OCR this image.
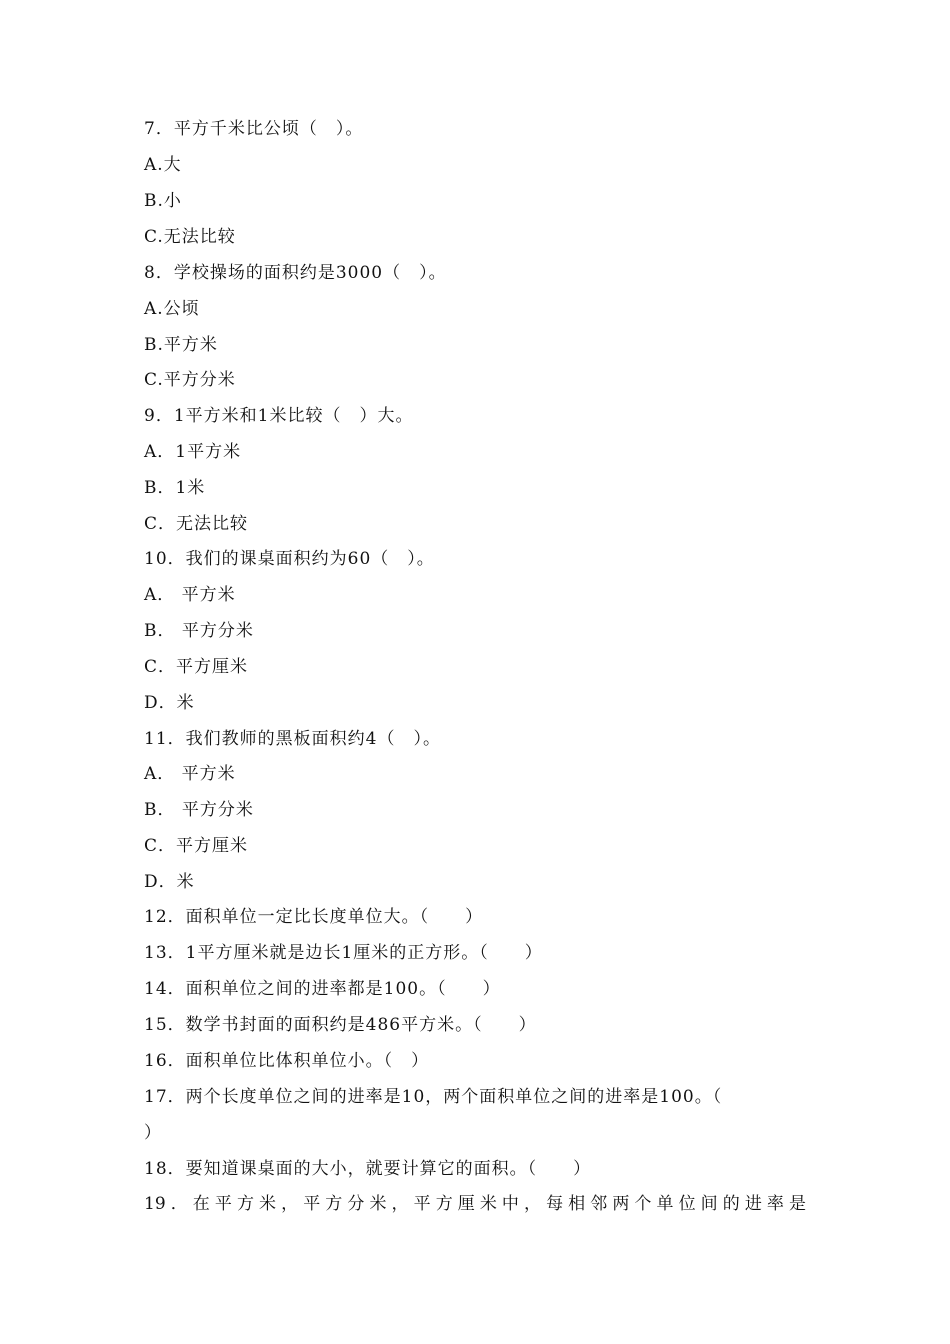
7．平方千米比公顷（　）。
A.大
B.小
C.无法比较
8．学校操场的面积约是3000（　）。
A.公顷
B.平方米
C.平方分米
9．1平方米和1米比较（　）大。
A．1平方米
B．1米
C．无法比较
10．我们的课桌面积约为60（　）。
A． 平方米
B． 平方分米
C．平方厘米
D．米
11．我们教师的黑板面积约4（　）。
A． 平方米
B． 平方分米
C．平方厘米
D．米
12．面积单位一定比长度单位大。（　　）
13．1平方厘米就是边长1厘米的正方形。（　　）
14．面积单位之间的进率都是100。（　　）
15．数学书封面的面积约是486平方米。（　　）
16．面积单位比体积单位小。（　）
17．两个长度单位之间的进率是10，两个面积单位之间的进率是100。（
）
18．要知道课桌面的大小，就要计算它的面积。（　　）
19．在平方米，平方分米，平方厘米中，每相邻两个单位间的进率是
